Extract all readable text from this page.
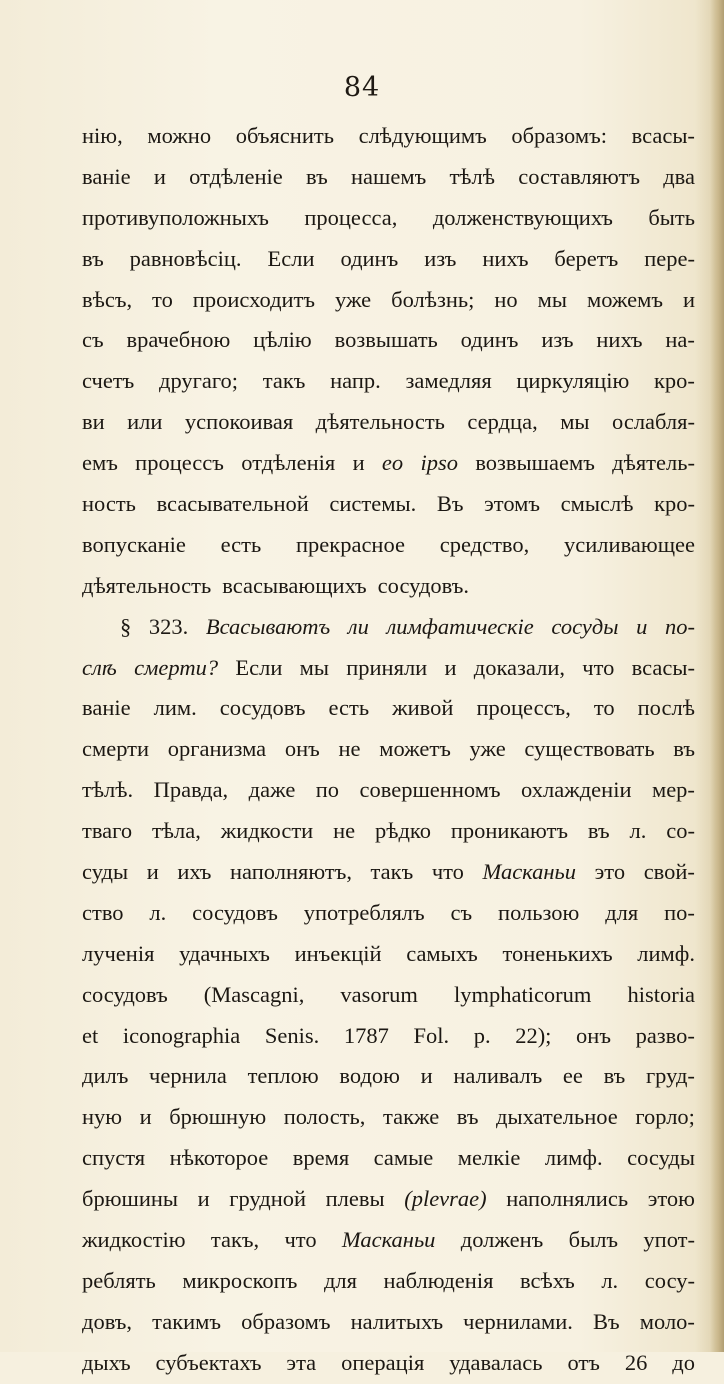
84
нію, можно объяснить слѣдующимъ образомъ: всасы-
ваніе и отдѣленіе въ нашемъ тѣлѣ составляютъ два
противуположныхъ процесса, долженствующихъ быть
въ равновѣсіц. Если одинъ изъ нихъ беретъ пере-
вѣсъ, то происходитъ уже болѣзнь; но мы можемъ и
съ врачебною цѣлію возвышать одинъ изъ нихъ на-
счетъ другаго; такъ напр. замедляя циркуляцію кро-
ви или успокоивая дѣятельность сердца, мы ослабля-
емъ процессъ отдѣленія и eo ipso возвышаемъ дѣятель-
ность всасывательной системы. Въ этомъ смыслѣ кро-
вопусканіе есть прекрасное средство, усиливающее
дѣятельность всасывающихъ сосудовъ.
§ 323. Всасываютъ ли лимфатическіе сосуды и по-
слѣ смерти? Если мы приняли и доказали, что всасы-
ваніе лим. сосудовъ есть живой процессъ, то послѣ
смерти организма онъ не можетъ уже существовать въ
тѣлѣ. Правда, даже по совершенномъ охлажденіи мер-
тваго тѣла, жидкости не рѣдко проникаютъ въ л. со-
суды и ихъ наполняютъ, такъ что Масканьи это свой-
ство л. сосудовъ употреблялъ съ пользою для по-
лученія удачныхъ инъекцій самыхъ тоненькихъ лимф.
сосудовъ (Mascagni, vasorum lymphaticorum historia
et iconographia Senis. 1787 Fol. p. 22); онъ разво-
дилъ чернила теплою водою и наливалъ ее въ груд-
ную и брюшную полость, также въ дыхательное горло;
спустя нѣкоторое время самые мелкіе лимф. сосуды
брюшины и грудной плевы (plevrae) наполнялись этою
жидкостію такъ, что Масканьи долженъ былъ упот-
реблять микроскопъ для наблюденія всѣхъ л. сосу-
довъ, такимъ образомъ налитыхъ чернилами. Въ моло-
дыхъ субъектахъ эта операція удавалась отъ 26 до
